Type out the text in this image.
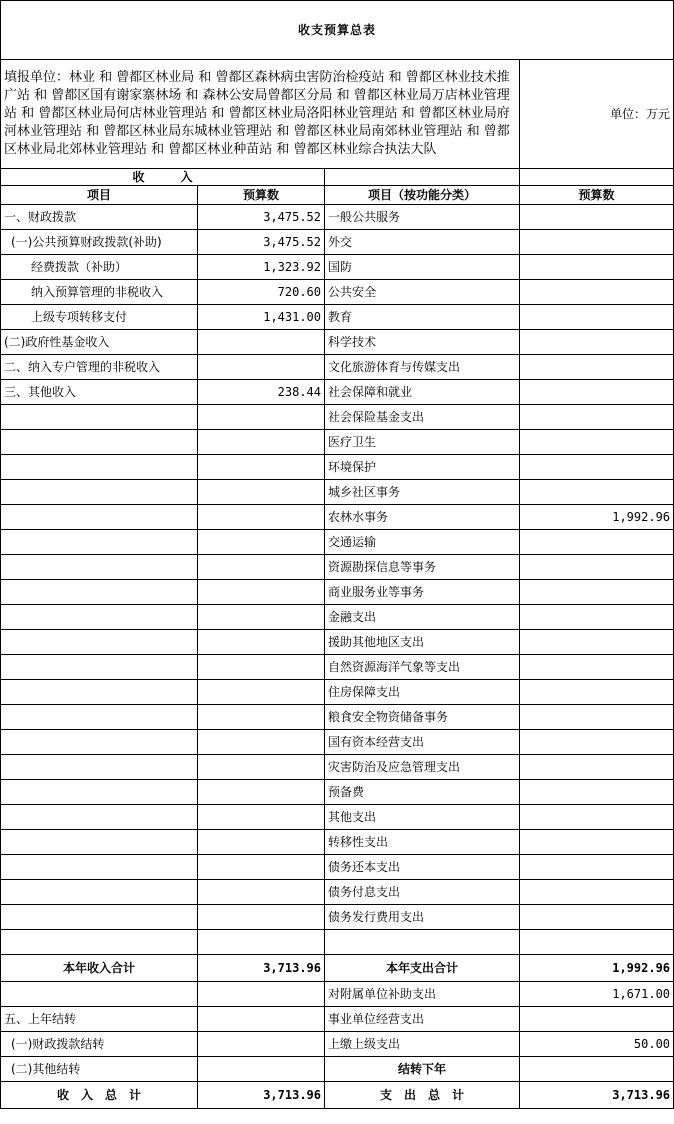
收支预算总表			

填报单位：林业 和 曾都区林业局 和 曾都区森林病虫害防治检疫站 和 曾都区林业技术推广站 和 曾都区国有谢家寨林场 和 森林公安局曾都区分局 和 曾都区林业局万店林业管理站 和 曾都区林业局何店林业管理站 和 曾都区林业局洛阳林业管理站 和 曾都区林业局府河林业管理站 和 曾都区林业局东城林业管理站 和 曾都区林业局南郊林业管理站 和 曾都区林业局北郊林业管理站 和 曾都区林业种苗站 和 曾都区林业综合执法大队			单位：万元
收　　　入			
项目	预算数	项目（按功能分类）	预算数
一、财政拨款	3,475.52	一般公共服务	
(一)公共预算财政拨款(补助)	3,475.52	外交	
经费拨款（补助）	1,323.92	国防	
纳入预算管理的非税收入	720.60	公共安全	
上级专项转移支付	1,431.00	教育	
(二)政府性基金收入		科学技术	
二、纳入专户管理的非税收入		文化旅游体育与传媒支出	
三、其他收入	238.44	社会保障和就业	
		社会保险基金支出	
		医疗卫生	
		环境保护	
		城乡社区事务	
		农林水事务	1,992.96
		交通运输	
		资源勘探信息等事务	
		商业服务业等事务	
		金融支出	
		援助其他地区支出	
		自然资源海洋气象等支出	
		住房保障支出	
		粮食安全物资储备事务	
		国有资本经营支出	
		灾害防治及应急管理支出	
		预备费	
		其他支出	
		转移性支出	
		债务还本支出	
		债务付息支出	
		债务发行费用支出	

本年收入合计	3,713.96	本年支出合计	1,992.96
		对附属单位补助支出	1,671.00
五、上年结转		事业单位经营支出	
(一)财政拨款结转		上缴上级支出	50.00
(二)其他结转		结转下年	
收　入　总　计	3,713.96	支　出　总　计	3,713.96
